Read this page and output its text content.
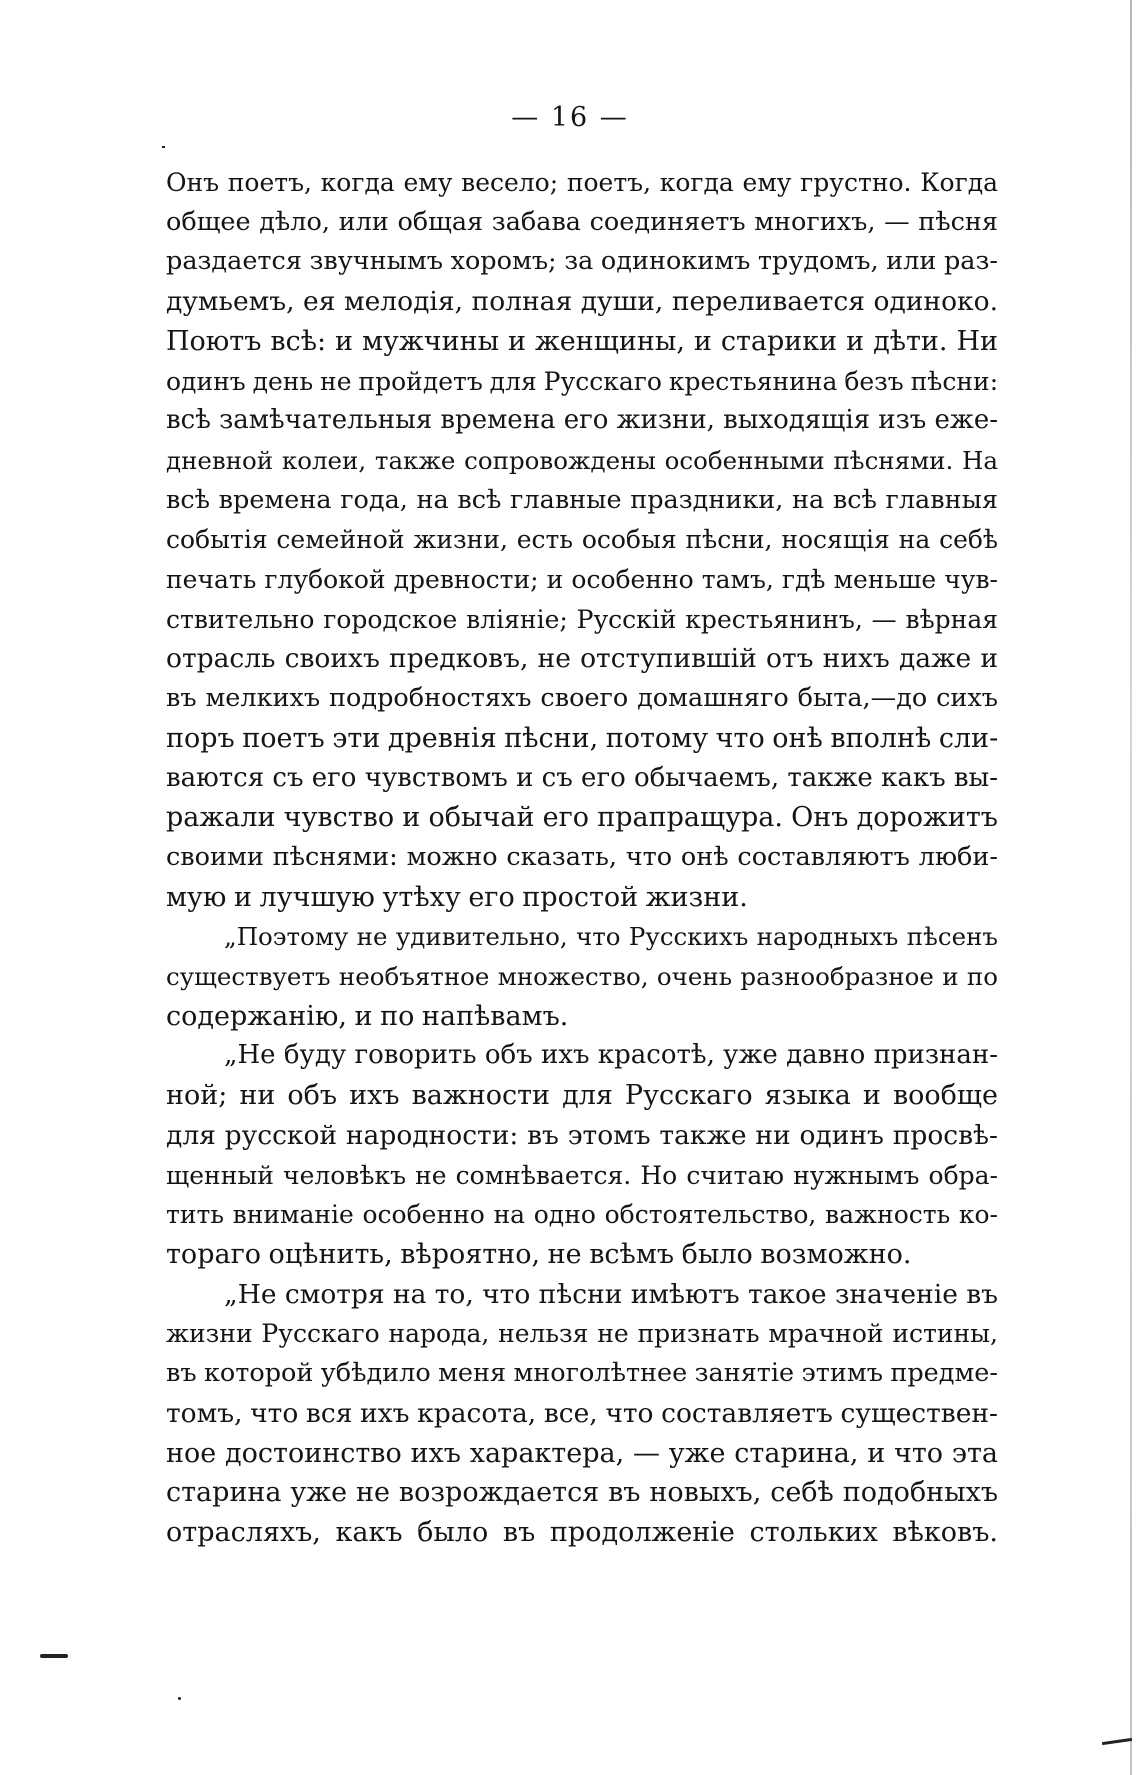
— 16 —

Онъ поетъ, когда ему весело; поетъ, когда ему грустно. Когда
общее дѣло, или общая забава соединяетъ многихъ, — пѣсня
раздается звучнымъ хоромъ; за одинокимъ трудомъ, или раз-
думьемъ, ея мелодія, полная души, переливается одиноко.
Поютъ всѣ: и мужчины и женщины, и старики и дѣти. Ни
одинъ день не пройдетъ для Русскаго крестьянина безъ пѣсни:
всѣ замѣчательныя времена его жизни, выходящія изъ еже-
дневной колеи, также сопровождены особенными пѣснями. На
всѣ времена года, на всѣ главные праздники, на всѣ главныя
событія семейной жизни, есть особыя пѣсни, носящія на себѣ
печать глубокой древности; и особенно тамъ, гдѣ меньше чув-
ствительно городское вліяніе; Русскій крестьянинъ, — вѣрная
отрасль своихъ предковъ, не отступившій отъ нихъ даже и
въ мелкихъ подробностяхъ своего домашняго быта,—до сихъ
поръ поетъ эти древнія пѣсни, потому что онѣ вполнѣ сли-
ваются съ его чувствомъ и съ его обычаемъ, также какъ вы-
ражали чувство и обычай его прапращура. Онъ дорожитъ
своими пѣснями: можно сказать, что онѣ составляютъ люби-
мую и лучшую утѣху его простой жизни.

„Поэтому не удивительно, что Русскихъ народныхъ пѣсенъ
существуетъ необъятное множество, очень разнообразное и по
содержанію, и по напѣвамъ.

„Не буду говорить объ ихъ красотѣ, уже давно признан-
ной; ни объ ихъ важности для Русскаго языка и вообще
для русской народности: въ этомъ также ни одинъ просвѣ-
щенный человѣкъ не сомнѣвается. Но считаю нужнымъ обра-
тить вниманіе особенно на одно обстоятельство, важность ко-
тораго оцѣнить, вѣроятно, не всѣмъ было возможно.

„Не смотря на то, что пѣсни имѣютъ такое значеніе въ
жизни Русскаго народа, нельзя не признать мрачной истины,
въ которой убѣдило меня многолѣтнее занятіе этимъ предме-
томъ, что вся ихъ красота, все, что составляетъ существен-
ное достоинство ихъ характера, — уже старина, и что эта
старина уже не возрождается въ новыхъ, себѣ подобныхъ
отрасляхъ, какъ было въ продолженіе стольких вѣковъ.
